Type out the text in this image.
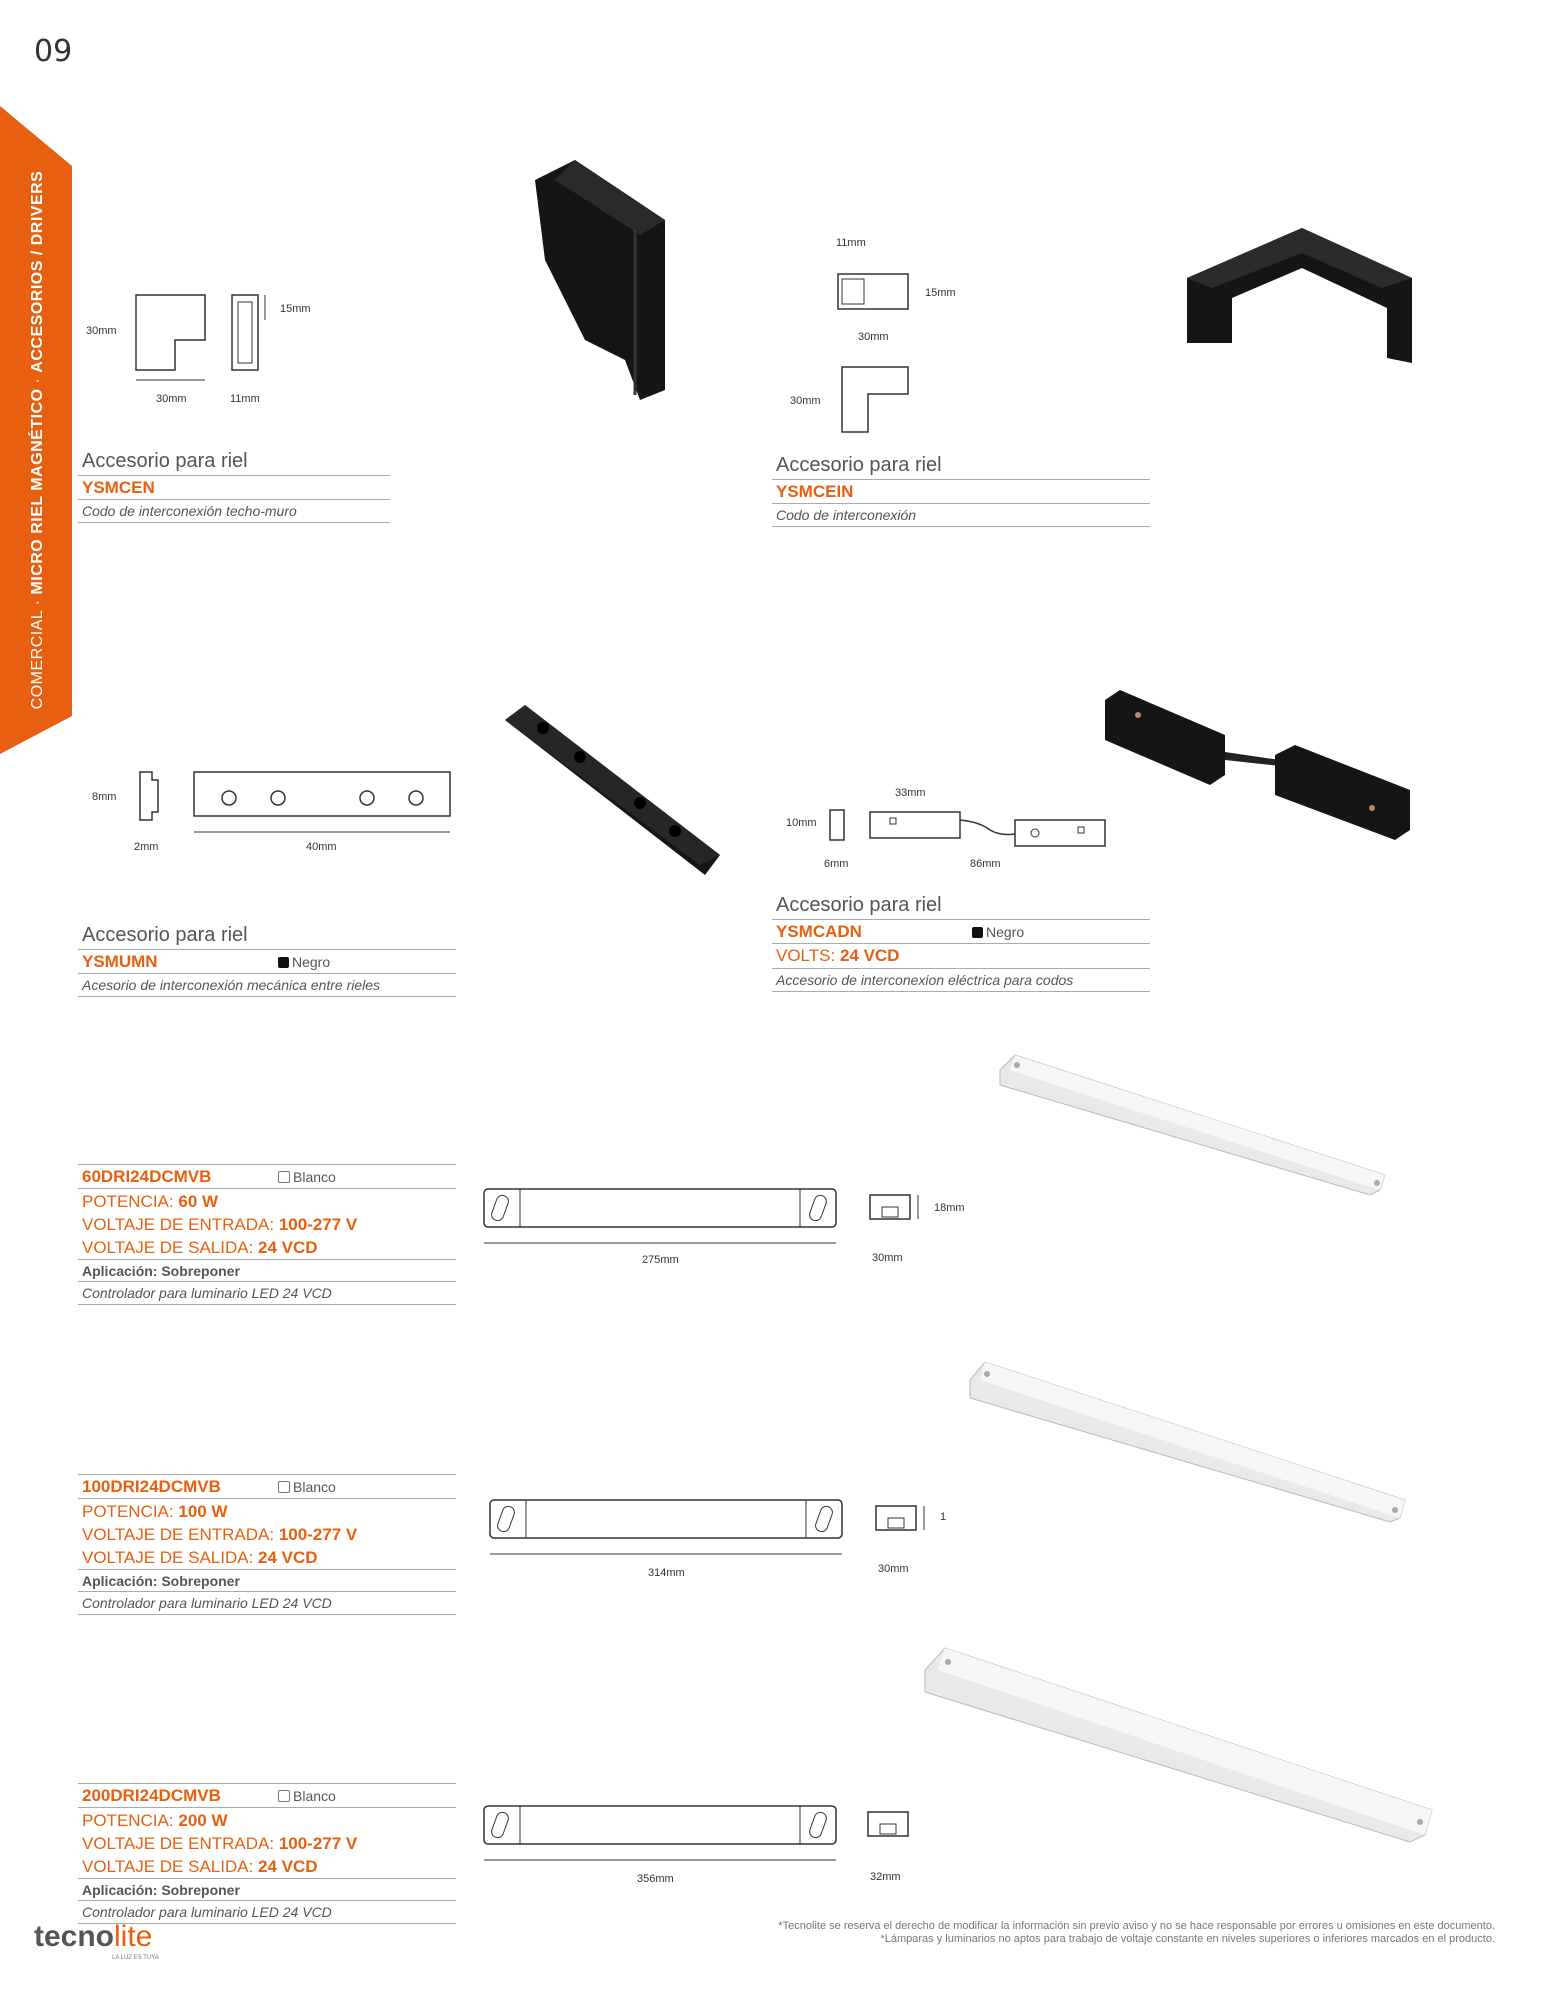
09
COMERCIAL · MICRO RIEL MAGNÉTICO · ACCESORIOS / DRIVERS	30mm
30mm
15mm
11mm
Accesorio para riel
YSMCEN
Codo de interconexión techo-muro
11mm
15mm
30mm
30mm
Accesorio para riel
YSMCEIN
Codo de interconexión
8mm
2mm	40mm
Accesorio para riel
YSMUMN	Negro
Acesorio de interconexión mecánica entre rieles
33mm
10mm
6mm	86mm
Accesorio para riel
YSMCADN	Negro
VOLTS: 24 VCD
Accesorio de interconexion eléctrica para codos
60DRI24DCMVB	Blanco
POTENCIA: 60 W
VOLTAJE DE ENTRADA: 100-277 V
VOLTAJE DE SALIDA: 24 VCD
Aplicación: Sobreponer
Controlador para luminario LED 24 VCD
275mm
18mm
30mm
100DRI24DCMVB	Blanco
POTENCIA: 100 W
VOLTAJE DE ENTRADA: 100-277 V
VOLTAJE DE SALIDA: 24 VCD
Aplicación: Sobreponer
Controlador para luminario LED 24 VCD
314mm
1
30mm
200DRI24DCMVB	Blanco
POTENCIA: 200 W
VOLTAJE DE ENTRADA: 100-277 V
VOLTAJE DE SALIDA: 24 VCD
Aplicación: Sobreponer
Controlador para luminario LED 24 VCD
356mm	32mm
tecnolite
LA LUZ ES TUYA
*Tecnolite se reserva el derecho de modificar la información sin previo aviso y no se hace responsable por errores u omisiones en este documento.
*Lámparas y luminarios no aptos para trabajo de voltaje constante en niveles superiores o inferiores marcados en el producto.
